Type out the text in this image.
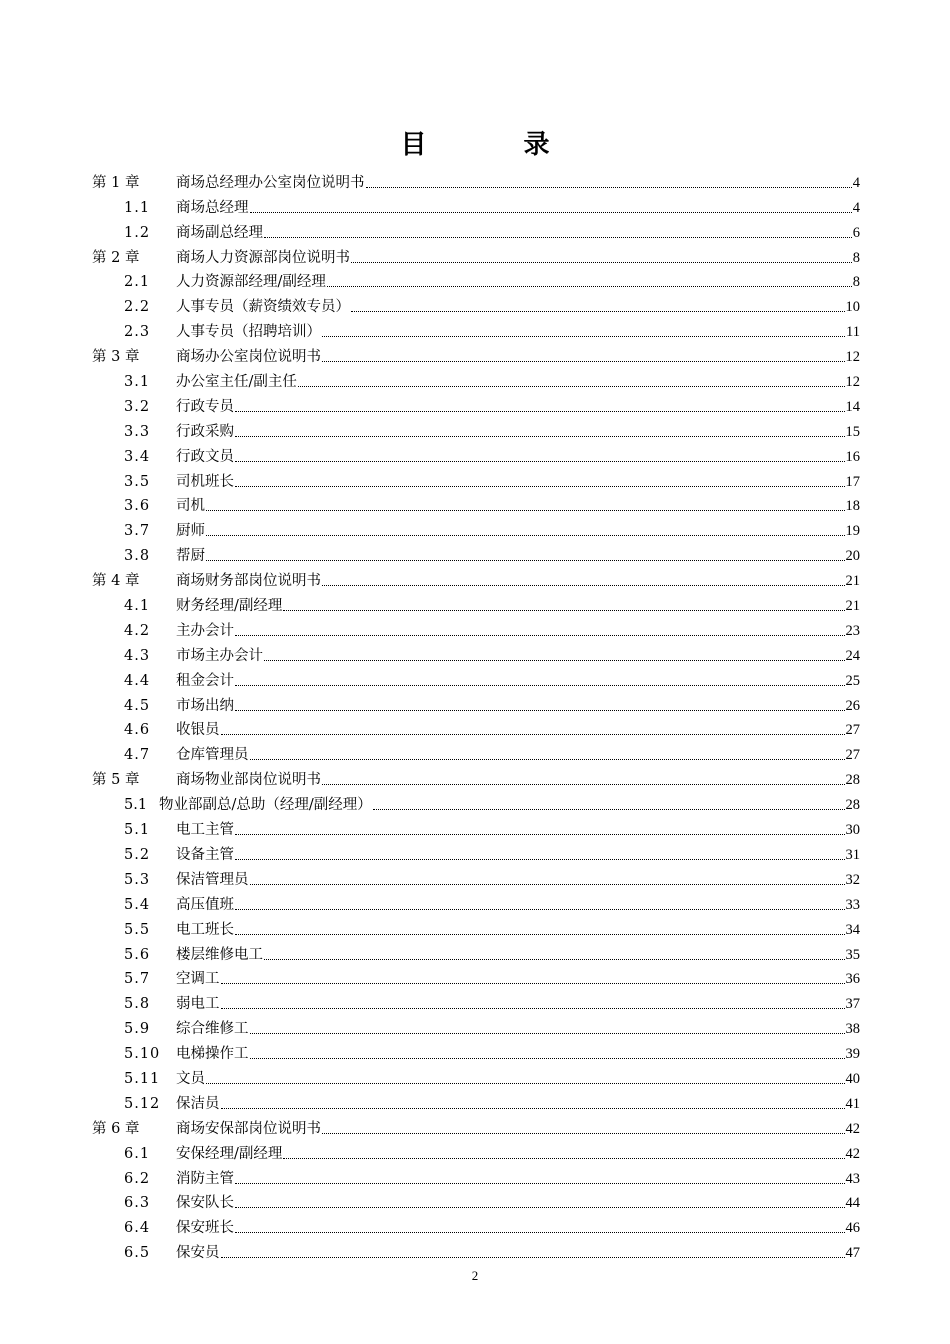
目 录
第 1 章	商场总经理办公室岗位说明书	4
1.1 商场总经理	4
1.2 商场副总经理	6
第 2 章	商场人力资源部岗位说明书	8
2.1 人力资源部经理/副经理	8
2.2 人事专员（薪资绩效专员）	10
2.3 人事专员（招聘培训）	11
第 3 章	商场办公室岗位说明书	12
3.1 办公室主任/副主任	12
3.2 行政专员	14
3.3 行政采购	15
3.4 行政文员	16
3.5 司机班长	17
3.6 司机	18
3.7 厨师	19
3.8 帮厨	20
第 4 章	商场财务部岗位说明书	21
4.1 财务经理/副经理	21
4.2 主办会计	23
4.3 市场主办会计	24
4.4 租金会计	25
4.5 市场出纳	26
4.6 收银员	27
4.7 仓库管理员	27
第 5 章	商场物业部岗位说明书	28
5.1 物业部副总/总助（经理/副经理）	28
5.1 电工主管	30
5.2 设备主管	31
5.3 保洁管理员	32
5.4 高压值班	33
5.5 电工班长	34
5.6 楼层维修电工	35
5.7 空调工	36
5.8 弱电工	37
5.9 综合维修工	38
5.10 电梯操作工	39
5.11 文员	40
5.12 保洁员	41
第 6 章	商场安保部岗位说明书	42
6.1 安保经理/副经理	42
6.2 消防主管	43
6.3 保安队长	44
6.4 保安班长	46
6.5 保安员	47
2
